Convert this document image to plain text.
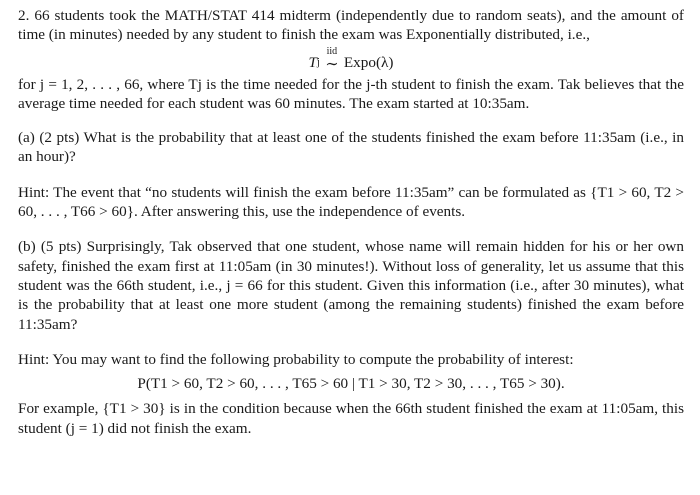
2. 66 students took the MATH/STAT 414 midterm (independently due to random seats), and the amount of time (in minutes) needed by any student to finish the exam was Exponentially distributed, i.e.,

T j
iid
∼ Expo(λ)

for j = 1, 2, . . . , 66, where Tj is the time needed for the j-th student to finish the exam. Tak believes that the average time needed for each student was 60 minutes. The exam started at 10:35am.

(a) (2 pts) What is the probability that at least one of the students finished the exam before 11:35am (i.e., in an hour)?

Hint: The event that “no students will finish the exam before 11:35am” can be formulated as {T1 > 60, T2 > 60, . . . , T66 > 60}. After answering this, use the independence of events.

(b) (5 pts) Surprisingly, Tak observed that one student, whose name will remain hidden for his or her own safety, finished the exam first at 11:05am (in 30 minutes!). Without loss of generality, let us assume that this student was the 66th student, i.e., j = 66 for this student. Given this information (i.e., after 30 minutes), what is the probability that at least one more student (among the remaining students) finished the exam before 11:35am?

Hint: You may want to find the following probability to compute the probability of interest:

P(T1 > 60, T2 > 60, . . . , T65 > 60 | T1 > 30, T2 > 30, . . . , T65 > 30).

For example, {T1 > 30} is in the condition because when the 66th student finished the exam at 11:05am, this student (j = 1) did not finish the exam.
